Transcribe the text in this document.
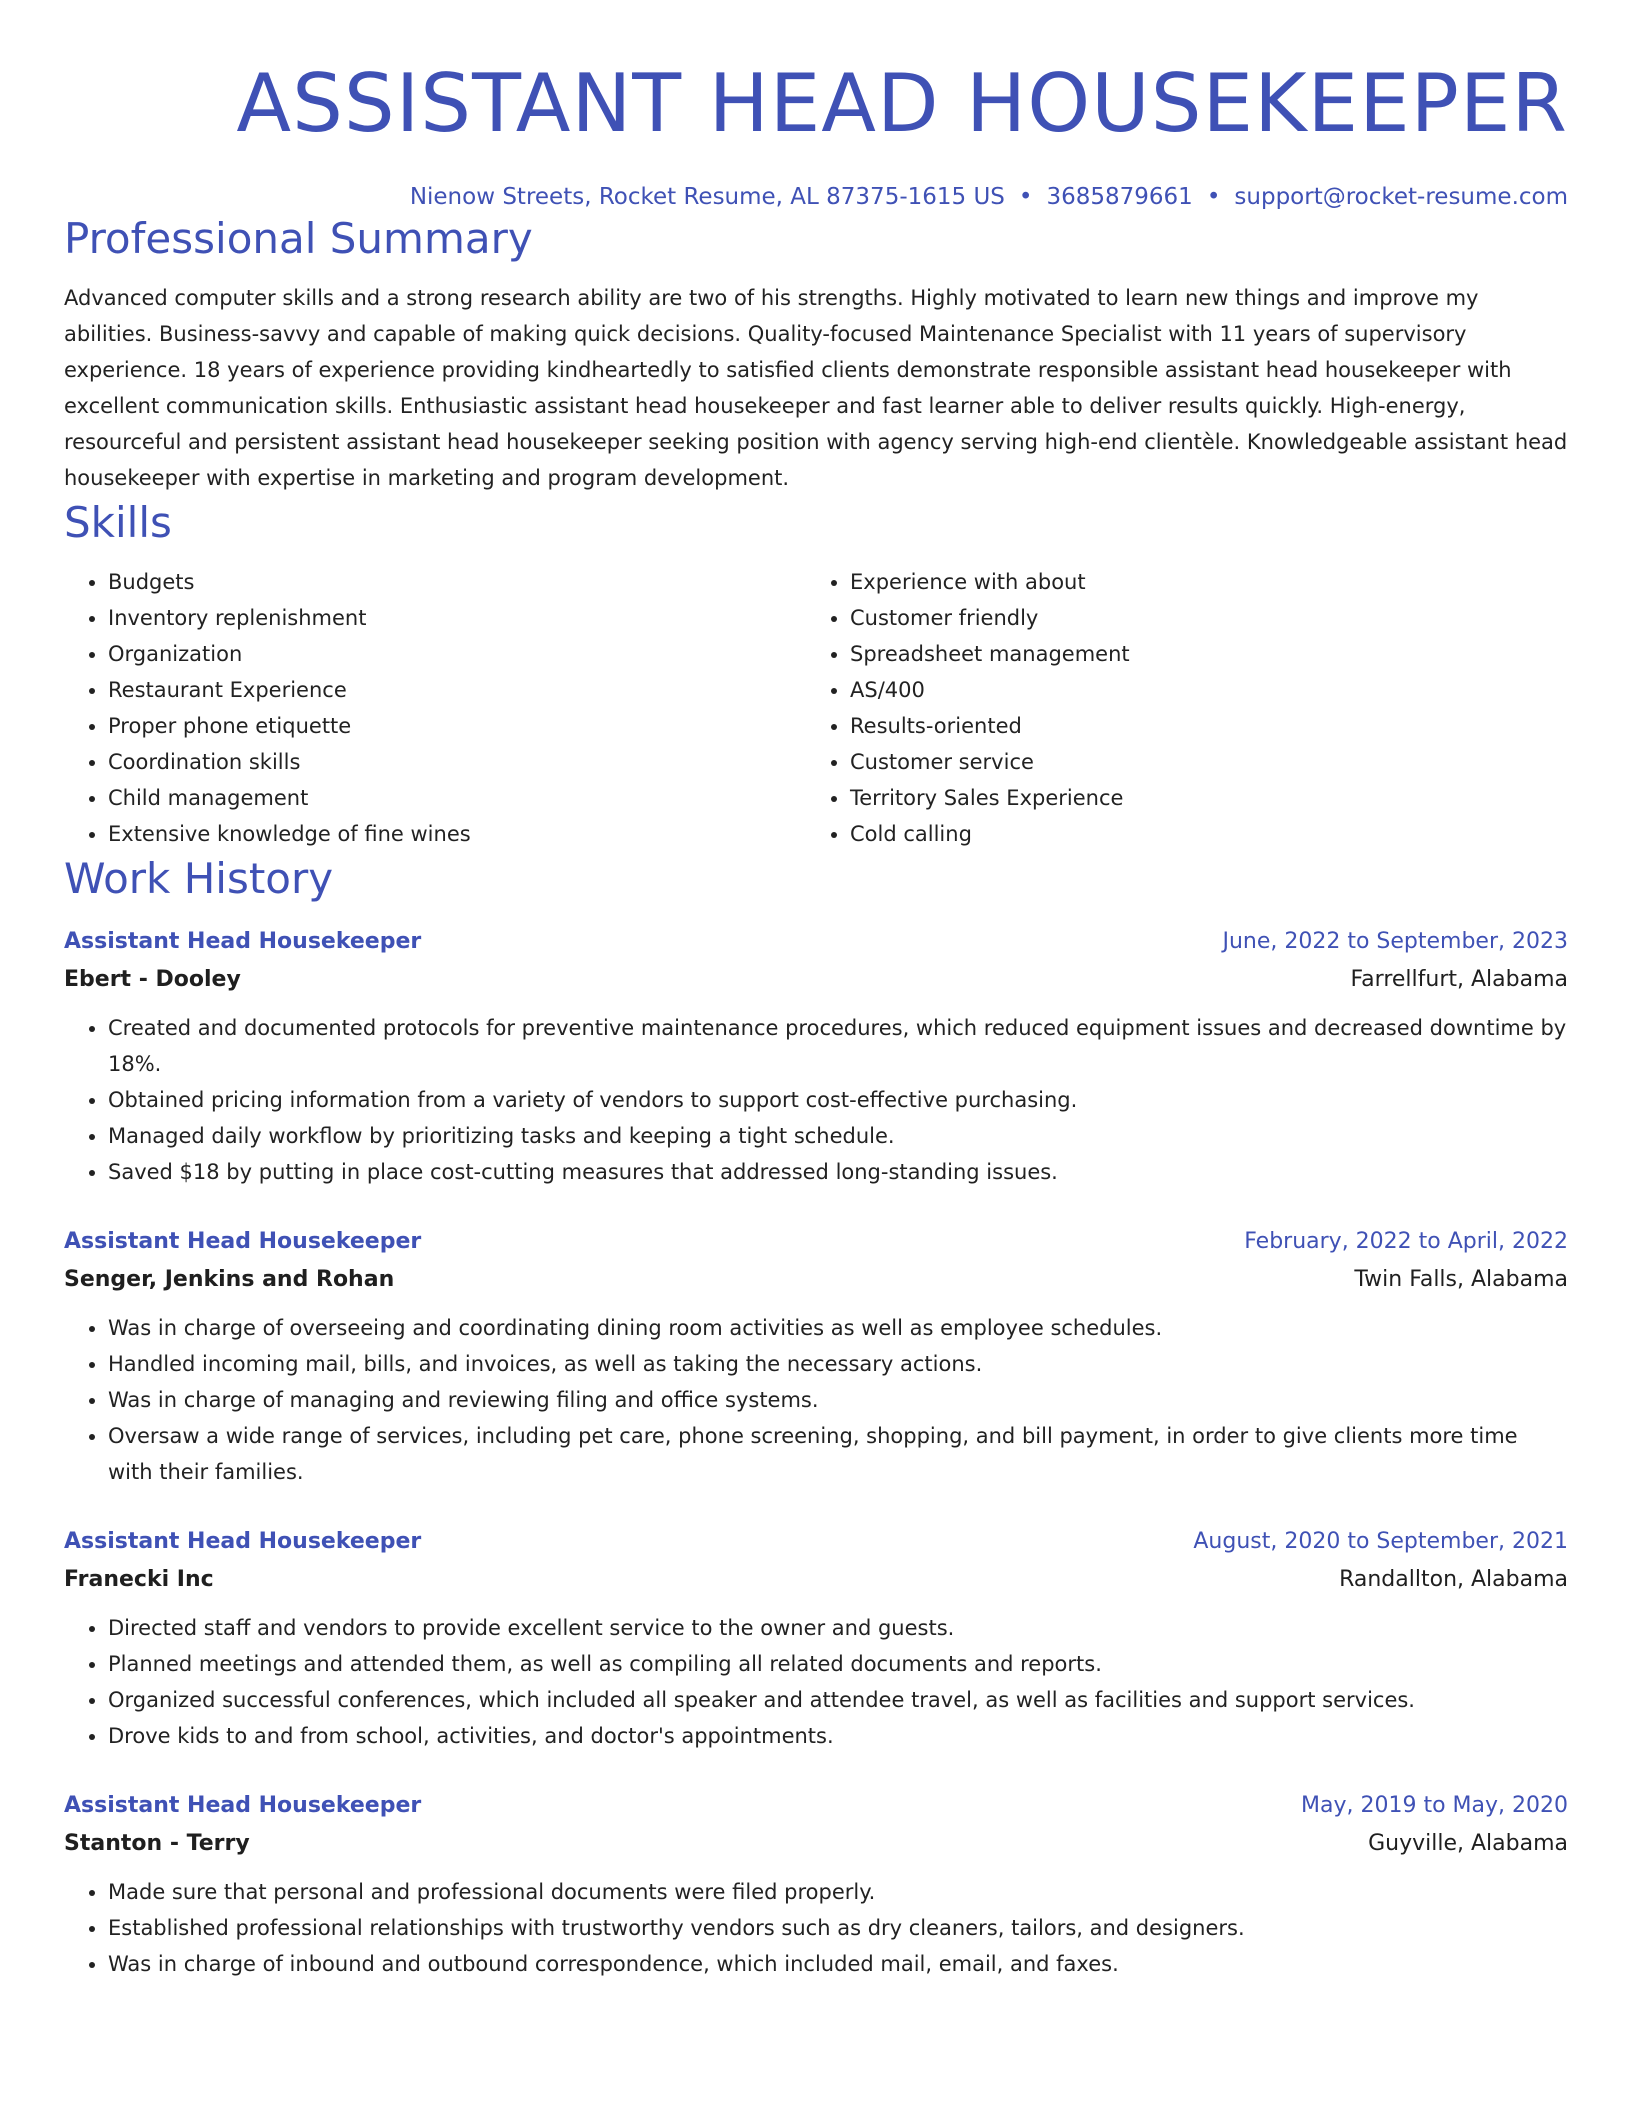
ASSISTANT HEAD HOUSEKEEPER
Nienow Streets, Rocket Resume, AL 87375-1615 US • 3685879661 • support@rocket-resume.com
Professional Summary

Advanced computer skills and a strong research ability are two of his strengths. Highly motivated to learn new things and improve my abilities. Business-savvy and capable of making quick decisions. Quality-focused Maintenance Specialist with 11 years of supervisory experience. 18 years of experience providing kindheartedly to satisfied clients demonstrate responsible assistant head housekeeper with excellent communication skills. Enthusiastic assistant head housekeeper and fast learner able to deliver results quickly. High-energy, resourceful and persistent assistant head housekeeper seeking position with agency serving high-end clientèle. Knowledgeable assistant head housekeeper with expertise in marketing and program development.

Skills
• Budgets
• Inventory replenishment
• Organization
• Restaurant Experience
• Proper phone etiquette
• Coordination skills
• Child management
• Extensive knowledge of fine wines
• Experience with about
• Customer friendly
• Spreadsheet management
• AS/400
• Results-oriented
• Customer service
• Territory Sales Experience
• Cold calling
Work History
Assistant Head Housekeeper	June, 2022 to September, 2023
Ebert - Dooley	Farrellfurt, Alabama
• Created and documented protocols for preventive maintenance procedures, which reduced equipment issues and decreased downtime by 18%.
• Obtained pricing information from a variety of vendors to support cost-effective purchasing.
• Managed daily workflow by prioritizing tasks and keeping a tight schedule.
• Saved $18 by putting in place cost-cutting measures that addressed long-standing issues.
Assistant Head Housekeeper	February, 2022 to April, 2022
Senger, Jenkins and Rohan	Twin Falls, Alabama
• Was in charge of overseeing and coordinating dining room activities as well as employee schedules.
• Handled incoming mail, bills, and invoices, as well as taking the necessary actions.
• Was in charge of managing and reviewing filing and office systems.
• Oversaw a wide range of services, including pet care, phone screening, shopping, and bill payment, in order to give clients more time with their families.
Assistant Head Housekeeper	August, 2020 to September, 2021
Franecki Inc	Randallton, Alabama
• Directed staff and vendors to provide excellent service to the owner and guests.
• Planned meetings and attended them, as well as compiling all related documents and reports.
• Organized successful conferences, which included all speaker and attendee travel, as well as facilities and support services.
• Drove kids to and from school, activities, and doctor's appointments.
Assistant Head Housekeeper	May, 2019 to May, 2020
Stanton - Terry	Guyville, Alabama
• Made sure that personal and professional documents were filed properly.
• Established professional relationships with trustworthy vendors such as dry cleaners, tailors, and designers.
• Was in charge of inbound and outbound correspondence, which included mail, email, and faxes.
